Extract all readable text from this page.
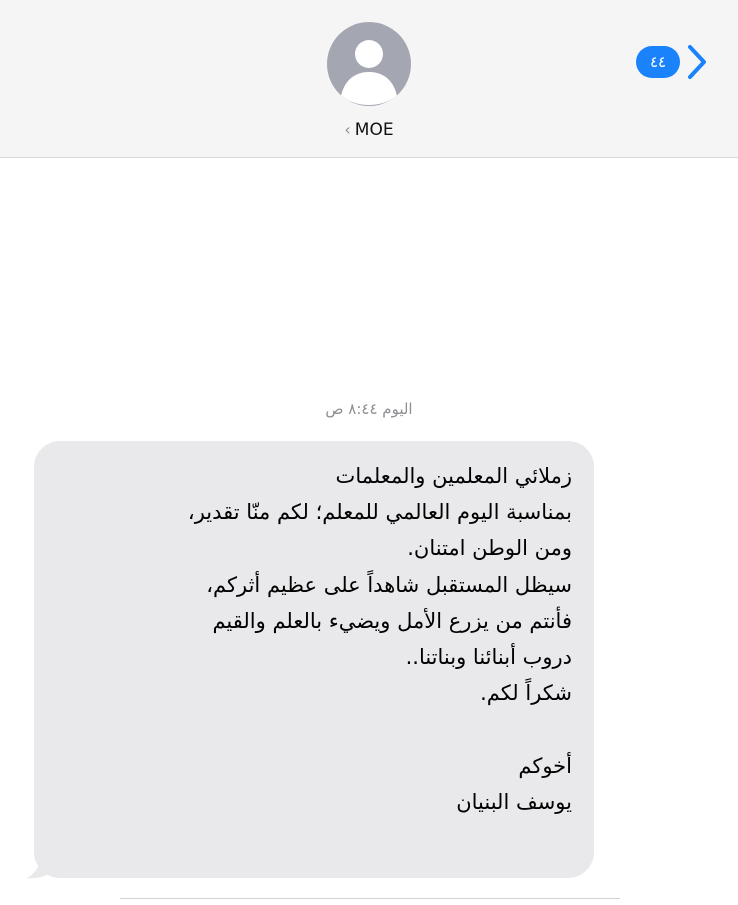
٤٤
‹ MOE
اليوم ٨:٤٤ ص
زملائي المعلمين والمعلمات
بمناسبة اليوم العالمي للمعلم؛ لكم منّا تقدير،
ومن الوطن امتنان.
سيظل المستقبل شاهداً على عظيم أثركم،
فأنتم من يزرع الأمل ويضيء بالعلم والقيم
دروب أبنائنا وبناتنا..
شكراً لكم.
أخوكم
يوسف البنيان
